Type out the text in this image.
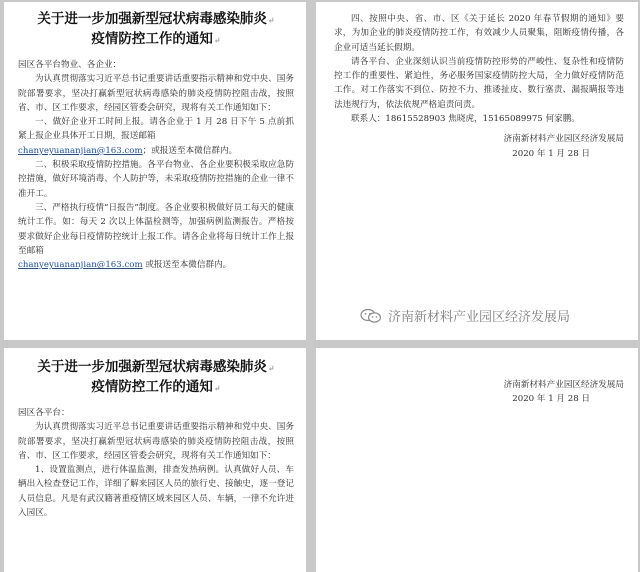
关于进一步加强新型冠状病毒感染肺炎↵
疫情防控工作的通知↵

园区各平台物业、各企业：

为认真贯彻落实习近平总书记重要讲话重要指示精神和党中央、国务院部署要求，坚决打赢新型冠状病毒感染的肺炎疫情防控阻击战，按照省、市、区工作要求，经园区管委会研究，现将有关工作通知如下：

一、做好企业开工时间上报。请各企业于 1 月 28 日下午 5 点前抓紧上报企业具体开工日期，报送邮箱
chanyeyuananjian@163.com；或报送至本微信群内。

二、积极采取疫情防控措施。各平台物业、各企业要积极采取应急防控措施，做好环境消毒、个人防护等，未采取疫情防控措施的企业一律不准开工。

三、严格执行疫情“日报告”制度。各企业要积极做好员工每天的健康统计工作。如：每天 2 次以上体温检测等，加强病例监测报告。严格按要求做好企业每日疫情防控统计上报工作。请各企业将每日统计工作上报至邮箱
chanyeyuananjian@163.com 或报送至本微信群内。

四、按照中央、省、市、区《关于延长 2020 年春节假期的通知》要求，为加企业的肺炎疫情防控工作，有效减少人员聚集，阻断疫情传播，各企业可适当延长假期。

请各平台、企业深刻认识当前疫情防控形势的严峻性、复杂性和疫情防控工作的重要性、紧迫性，务必服务国家疫情防控大局，全力做好疫情防范工作。对工作落实不到位、防控不力、推诿扯皮、数行塞责、漏报瞒报等违法违规行为，依法依规严格追责问责。

联系人：18615528903 焦晓虎，15165089975 何家鹏。

济南新材料产业园区经济发展局

2020 年 1 月 28 日

济南新材料产业园区经济发展局
关于进一步加强新型冠状病毒感染肺炎↵
疫情防控工作的通知↵

园区各平台：

为认真贯彻落实习近平总书记重要讲话重要指示精神和党中央、国务院部署要求，坚决打赢新型冠状病毒感染的肺炎疫情防控阻击战，按照省、市、区工作要求，经园区管委会研究，现将有关工作通知如下：

1、设置监测点，进行体温监测，排查发热病例。认真做好人员、车辆出入检查登记工作，详细了解来园区人员的旅行史、接触史，逐一登记人员信息。凡是有武汉籍著重疫情区域来园区人员、车辆，一律不允许进入园区。

济南新材料产业园区经济发展局

2020 年 1 月 28 日
